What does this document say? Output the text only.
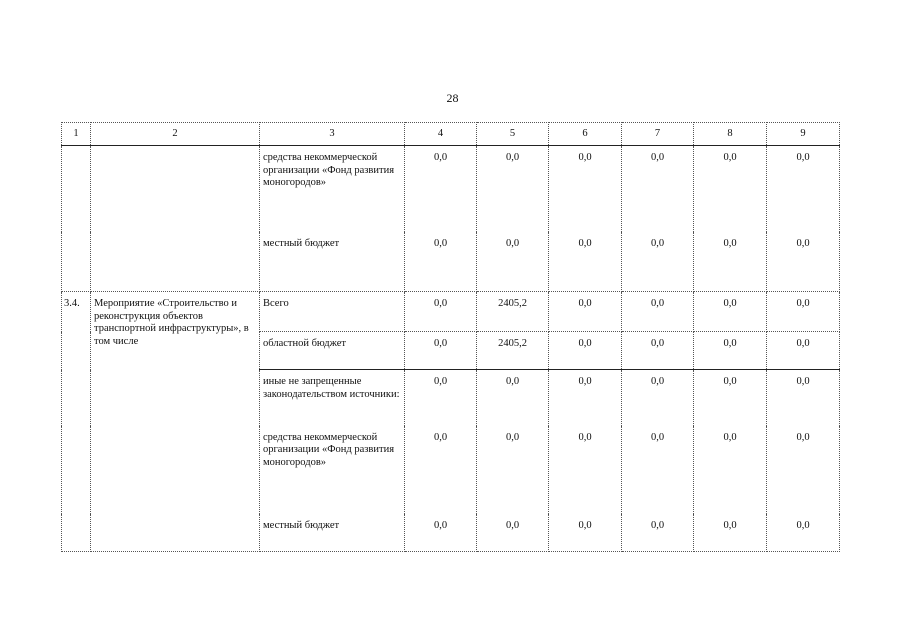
28
1	2	3	4	5	6	7	8	9
		средства некоммерческой организации «Фонд развития моногородов»	0,0	0,0	0,0	0,0	0,0	0,0
		местный бюджет	0,0	0,0	0,0	0,0	0,0	0,0
3.4.	Мероприятие «Строительство и реконструкция объектов транспортной инфраструктуры», в том числе	Всего	0,0	2405,2	0,0	0,0	0,0	0,0
		областной бюджет	0,0	2405,2	0,0	0,0	0,0	0,0
		иные не запрещенные законодательством источники:	0,0	0,0	0,0	0,0	0,0	0,0
		средства некоммерческой организации «Фонд развития моногородов»	0,0	0,0	0,0	0,0	0,0	0,0
		местный бюджет	0,0	0,0	0,0	0,0	0,0	0,0
